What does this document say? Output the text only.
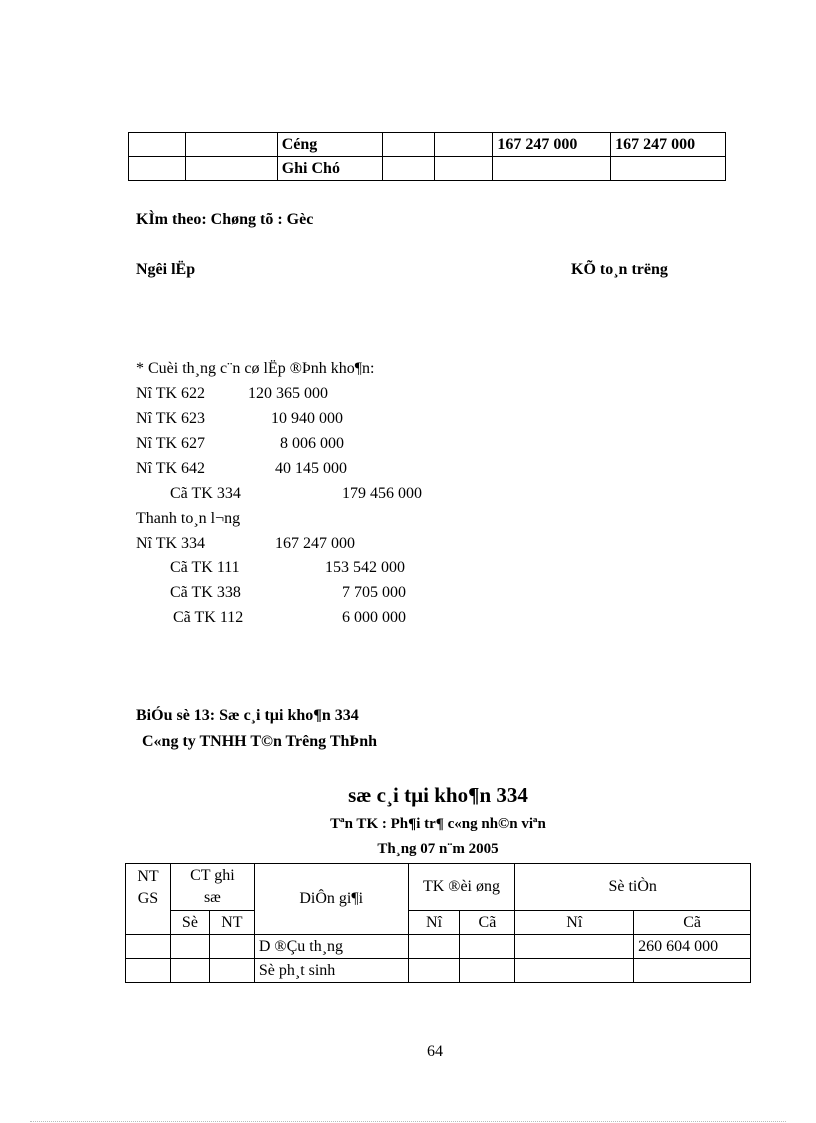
		Céng			167 247 000	167 247 000
		Ghi Chó				
KÌm theo: Chøng tõ : Gèc
Ngêi lËp	KÕ to¸n trëng
* Cuèi th¸ng c¨n cø lËp ®Þnh kho¶n:
Nî TK 622	120 365 000
Nî TK 623	10 940 000
Nî TK 627	8 006 000
Nî TK 642	40 145 000
Cã TK 334	179 456 000
Thanh to¸n l¬ng
Nî TK 334	167 247 000
Cã TK 111	153 542 000
Cã TK 338	7 705 000
Cã TK 112	6 000 000
BiÓu sè 13: Sæ c¸i tµi kho¶n 334
C«ng ty TNHH T©n Trêng ThÞnh
sæ c¸i tµi kho¶n 334
Tªn TK : Ph¶i tr¶ c«ng nh©n viªn
Th¸ng 07 n¨m 2005
NT GS	CT ghi sæ		DiÔn gi¶i	TK ®èi øng		Sè tiÒn	
	Sè	NT		Nî	Cã	Nî	Cã
			D ®Çu th¸ng				260 604 000
			Sè ph¸t sinh				
64
